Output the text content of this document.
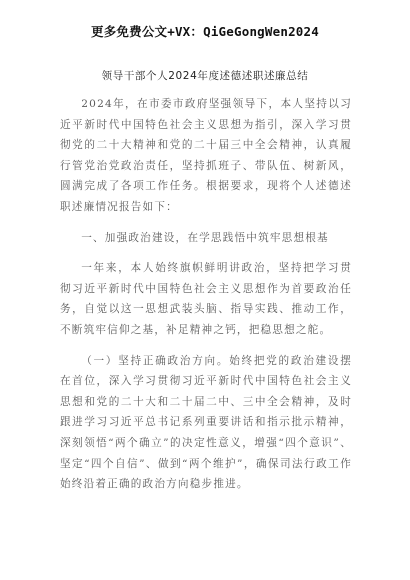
更多免费公文+VX：QiGeGongWen2024
领导干部个人2024年度述德述职述廉总结

2024年，在市委市政府坚强领导下，本人坚持以习近平新时代中国特色社会主义思想为指引，深入学习贯彻党的二十大精神和党的二十届三中全会精神，认真履行管党治党政治责任，坚持抓班子、带队伍、树新风，圆满完成了各项工作任务。根据要求，现将个人述德述职述廉情况报告如下：

一、加强政治建设，在学思践悟中筑牢思想根基

一年来，本人始终旗帜鲜明讲政治，坚持把学习贯彻习近平新时代中国特色社会主义思想作为首要政治任务，自觉以这一思想武装头脑、指导实践、推动工作，不断筑牢信仰之基，补足精神之钙，把稳思想之舵。

（一）坚持正确政治方向。始终把党的政治建设摆在首位，深入学习贯彻习近平新时代中国特色社会主义思想和党的二十大和二十届二中、三中全会精神，及时跟进学习习近平总书记系列重要讲话和指示批示精神，深刻领悟“两个确立”的决定性意义，增强“四个意识”、坚定“四个自信”、做到“两个维护”，确保司法行政工作始终沿着正确的政治方向稳步推进。
